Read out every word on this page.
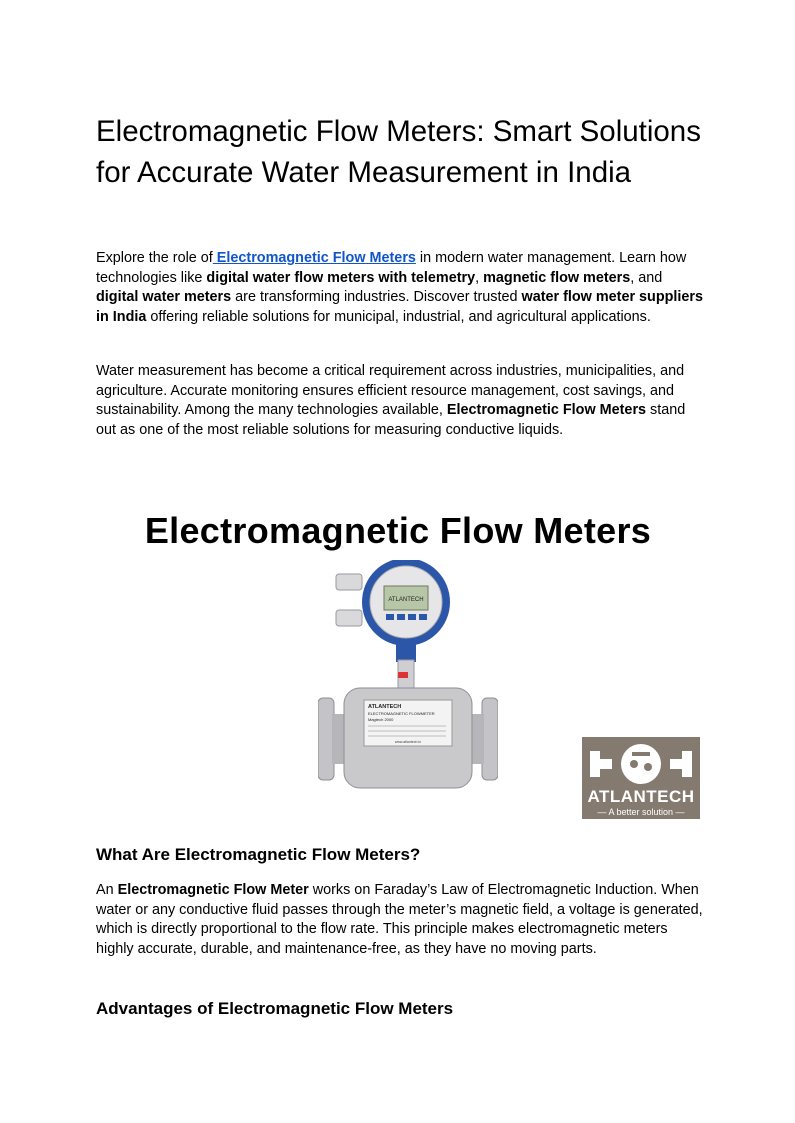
Electromagnetic Flow Meters: Smart Solutions for Accurate Water Measurement in India

Explore the role of Electromagnetic Flow Meters in modern water management. Learn how technologies like digital water flow meters with telemetry, magnetic flow meters, and digital water meters are transforming industries. Discover trusted water flow meter suppliers in India offering reliable solutions for municipal, industrial, and agricultural applications.

Water measurement has become a critical requirement across industries, municipalities, and agriculture. Accurate monitoring ensures efficient resource management, cost savings, and sustainability. Among the many technologies available, Electromagnetic Flow Meters stand out as one of the most reliable solutions for measuring conductive liquids.

Electromagnetic Flow Meters
ATLANTECH
ATLANTECH
ELECTROMAGNETIC FLOWMETER
Magtech 2000
www.atlantech.in
ATLANTECH
— A better solution —
What Are Electromagnetic Flow Meters?

An Electromagnetic Flow Meter works on Faraday’s Law of Electromagnetic Induction. When water or any conductive fluid passes through the meter’s magnetic field, a voltage is generated, which is directly proportional to the flow rate. This principle makes electromagnetic meters highly accurate, durable, and maintenance-free, as they have no moving parts.

Advantages of Electromagnetic Flow Meters
